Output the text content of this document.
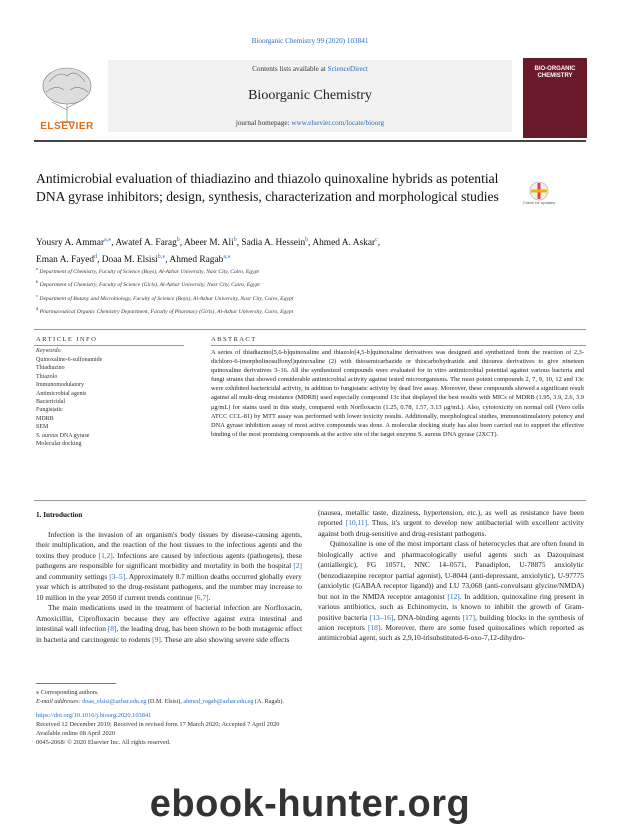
Bioorganic Chemistry 99 (2020) 103841
Contents lists available at ScienceDirect
Bioorganic Chemistry
journal homepage: www.elsevier.com/locate/bioorg
ELSEVIER
BIO-ORGANIC CHEMISTRY
Antimicrobial evaluation of thiadiazino and thiazolo quinoxaline hybrids as potential DNA gyrase inhibitors; design, synthesis, characterization and morphological studies	Check for updates
Yousry A. Ammar$^{a,⁎}$, Awatef A. Farag$^b$, Abeer M. Ali$^b$, Sadia A. Hessein$^b$, Ahmed A. Askar$^c$,
Eman A. Fayed$^d$, Doaa M. Elsisi$^{b,⁎}$, Ahmed Ragab$^{a,⁎}$
$^a$ Department of Chemistry, Faculty of Science (Boys), Al-Azhar University, Nasr City, Cairo, Egypt
$^b$ Department of Chemistry, Faculty of Science (Girls), Al-Azhar University, Nasr City, Cairo, Egypt
$^c$ Department of Botany and Microbiology, Faculty of Science (Boys), Al-Azhar University, Nasr City, Cairo, Egypt
$^d$ Pharmaceutical Organic Chemistry Department, Faculty of Pharmacy (Girls), Al-Azhar University, Cairo, Egypt
ARTICLE INFO	ABSTRACT
Keywords:
Quinoxaline-6-sulfonamide
Thiadiazino
Thiazolo
Immunomodulatory
Antimicrobial agents
Bactericidal
Fungistatic
MDRB
SEM
S. aureus DNA gyrase
Molecular docking
A series of thiadiazino[5,6-b]quinoxaline and thiazolo[4,5-b]quinoxaline derivatives was designed and synthetized from the reaction of 2,3-dichloro-6-(morpholinosulfonyl)quinoxaline (2) with thiosemicarbazide or thiocarbohydrazide and thiourea derivatives to give nineteen quinoxaline derivatives 3–16. All the synthesized compounds were evaluated for in vitro antimicrobial potential against various bacteria and fungi strains that showed considerable antimicrobial activity against tested microorganisms. The most potent compounds 2, 7, 9, 10, 12 and 13c were exhibited bactericidal activity, in addition to fungistatic activity by dead live assay. Moreover, these compounds showed a significant result against all multi-drug resistance (MDRB) used especially compound 13c that displayed the best results with MICs of MDRB (1.95, 3.9, 2.6, 3.9 μg/mL) for stains used in this study, compared with Norfloxacin (1.25, 0.78, 1.57, 3.13 μg/mL). Also, cytotoxicity on normal cell (Vero cells ATCC CCL-81) by MTT assay was performed with lower toxicity results. Additionally, morphological studies, immunostimulatory potency and DNA gyrase inhibition assay of most active compounds was done. A molecular docking study has also been carried out to support the effective binding of the most promising compounds at the active site of the target enzyme S. aureus DNA gyrase (2XCT).
1. Introduction

Infection is the invasion of an organism's body tissues by disease-causing agents, their multiplication, and the reaction of the host tissues to the infectious agents and the toxins they produce [1,2]. Infections are caused by infectious agents (pathogens), these pathogens are responsible for significant morbidity and mortality in both the hospital [2] and community settings [3–5]. Approximately 0.7 million deaths occurred globally every year which is attributed to the drug-resistant pathogens, and the number may increase to 10 million in the year 2050 if current trends continue [6,7].

The main medications used in the treatment of bacterial infection are Norfloxacin, Amoxicillin, Ciprofloxacin because they are effective against extra intestinal and intestinal wall infection [8], the leading drug, has been shown to be both mutagenic effect in bacteria and carcinogenic to rodents [9]. These are also showing severe side effects

(nausea, metallic taste, dizziness, hypertension, etc.), as well as resistance have been reported [10,11]. Thus, it's urgent to develop new antibacterial with excellent activity against both drug-sensitive and drug-resistant pathogens.

Quinoxaline is one of the most important class of heterocycles that are often found in biologically active and pharmacologically useful agents such as Dazoquinast (antiallergic), FG 10571, NNC 14–0571, Panadiplon, U-78875 anxiolytic (benzodiazepine receptor partial agonist), U-8044 (anti-depressant, anxiolytic), U-97775 (anxiolytic (GABAA receptor ligand)) and LU 73,068 (anti-convulsant glycine/NMDA) but not in the NMDA receptor antagonist [12]. In addition, quinoxaline ring present in various antibiotics, such as Echinomycin, is known to inhibit the growth of Gram-positive bacteria [13–16], DNA-binding agents [17], building blocks in the synthesis of anion receptors [18]. Moreover, there are some fused quinoxalines which reported as antimicrobial agent, such as 2,9,10-trisubstituted-6-oxo-7,12-dihydro-

⁎ Corresponding authors.
E-mail addresses: doaa_elsisi@azhar.edu.eg (D.M. Elsisi), ahmed_ragab@azhar.edu.eg (A. Ragab).
https://doi.org/10.1016/j.bioorg.2020.103841
Received 12 December 2019; Received in revised form 17 March 2020; Accepted 7 April 2020
Available online 08 April 2020
0045-2068/ © 2020 Elsevier Inc. All rights reserved.
ebook-hunter.org
